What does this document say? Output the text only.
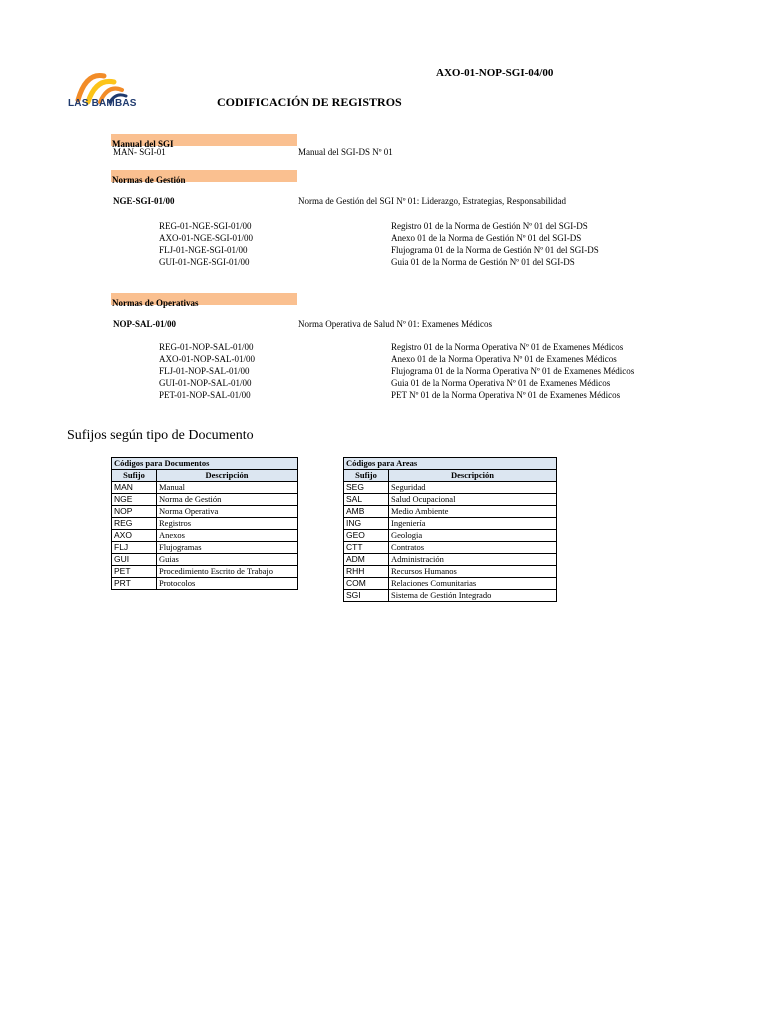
LAS BAMBAS
AXO-01-NOP-SGI-04/00
CODIFICACIÓN DE REGISTROS
Manual del SGI
MAN- SGI-01	Manual del SGI-DS Nº 01
Normas de Gestión
NGE-SGI-01/00	Norma de Gestión del SGI Nº 01: Liderazgo, Estrategias, Responsabilidad
REG-01-NGE-SGI-01/00	Registro 01 de la Norma de Gestión Nº 01 del SGI-DS
AXO-01-NGE-SGI-01/00	Anexo 01 de la Norma de Gestión Nº 01 del SGI-DS
FLJ-01-NGE-SGI-01/00	Flujograma 01 de la Norma de Gestión Nº 01 del SGI-DS
GUI-01-NGE-SGI-01/00	Guia 01 de la Norma de Gestión Nº 01 del SGI-DS
Normas de Operativas
NOP-SAL-01/00	Norma Operativa de Salud Nº 01: Examenes Médicos
REG-01-NOP-SAL-01/00	Registro 01 de la Norma Operativa Nº 01 de Examenes Médicos
AXO-01-NOP-SAL-01/00	Anexo 01 de la Norma Operativa Nº 01 de Examenes Médicos
FLJ-01-NOP-SAL-01/00	Flujograma 01 de la Norma Operativa Nº 01 de Examenes Médicos
GUI-01-NOP-SAL-01/00	Guia 01 de la Norma Operativa Nº 01 de Examenes Médicos
PET-01-NOP-SAL-01/00	PET Nº 01 de la Norma Operativa Nº 01 de Examenes Médicos
Sufijos según tipo de Documento
Códigos para Documentos	
Sufijo	Descripción
MAN	Manual
NGE	Norma de Gestión
NOP	Norma Operativa
REG	Registros
AXO	Anexos
FLJ	Flujogramas
GUI	Guias
PET	Procedimiento Escrito de Trabajo
PRT	Protocolos
Códigos para Areas	
Sufijo	Descripción
SEG	Seguridad
SAL	Salud Ocupacional
AMB	Medio Ambiente
ING	Ingeniería
GEO	Geologia
CTT	Contratos
ADM	Administración
RHH	Recursos Humanos
COM	Relaciones Comunitarias
SGI	Sistema de Gestión Integrado
